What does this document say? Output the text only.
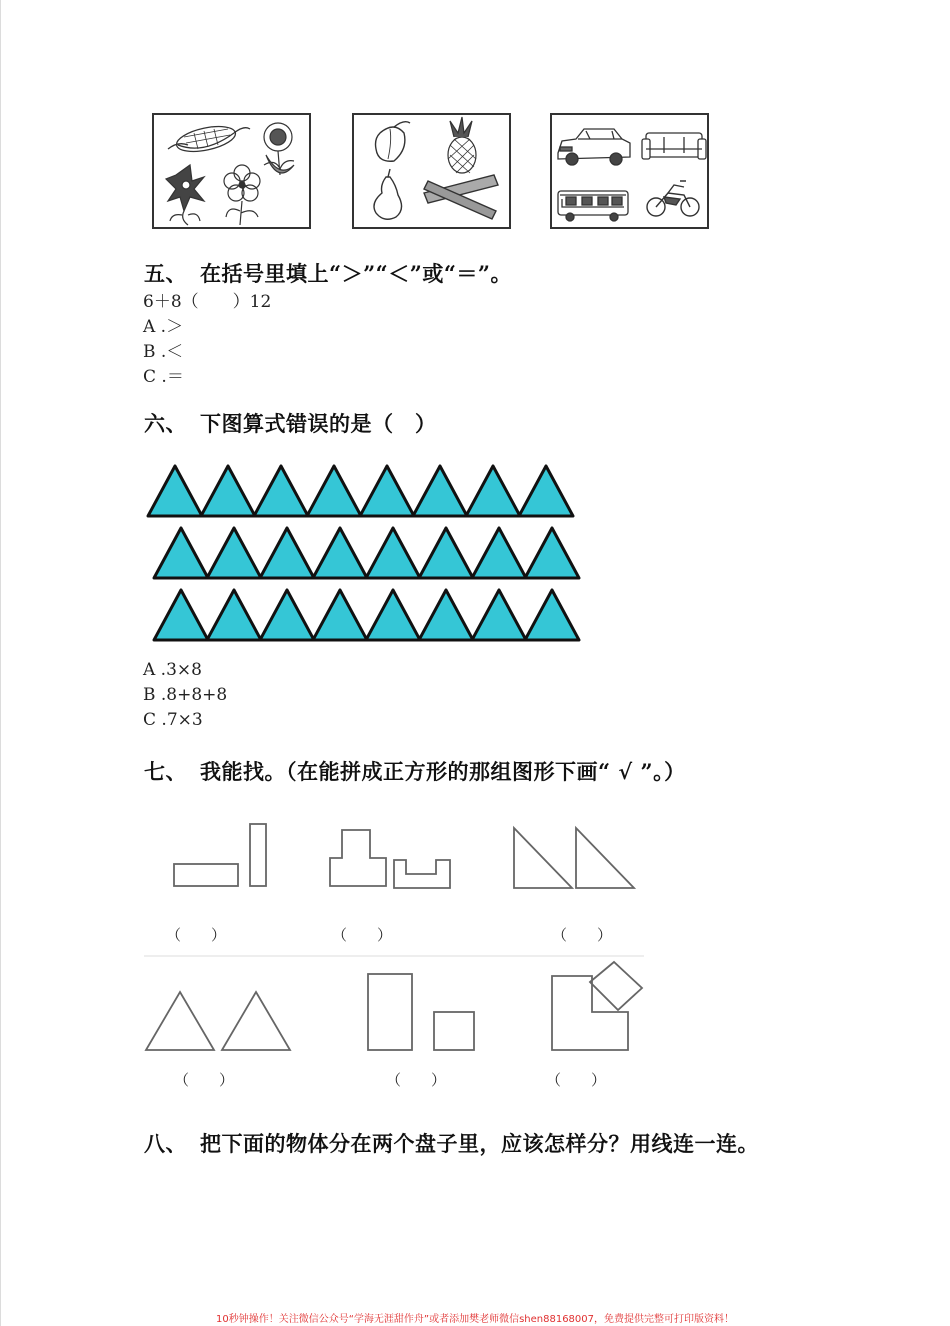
五、 在括号里填上“＞”“＜”或“＝”。
6＋8（　　）12
A .＞
B .＜
C .＝
六、 下图算式错误的是（　）
A .3×8
B .8+8+8
C .7×3
七、 我能找。（在能拼成正方形的那组图形下画“ √ ”。）
（　　）	（　　）	（　　）
（　　）	（　　）	（　　）
八、 把下面的物体分在两个盘子里，应该怎样分？用线连一连。
10秒钟操作！关注微信公众号“学海无涯甜作舟”或者添加樊老师微信shen88168007，免费提供完整可打印版资料！
